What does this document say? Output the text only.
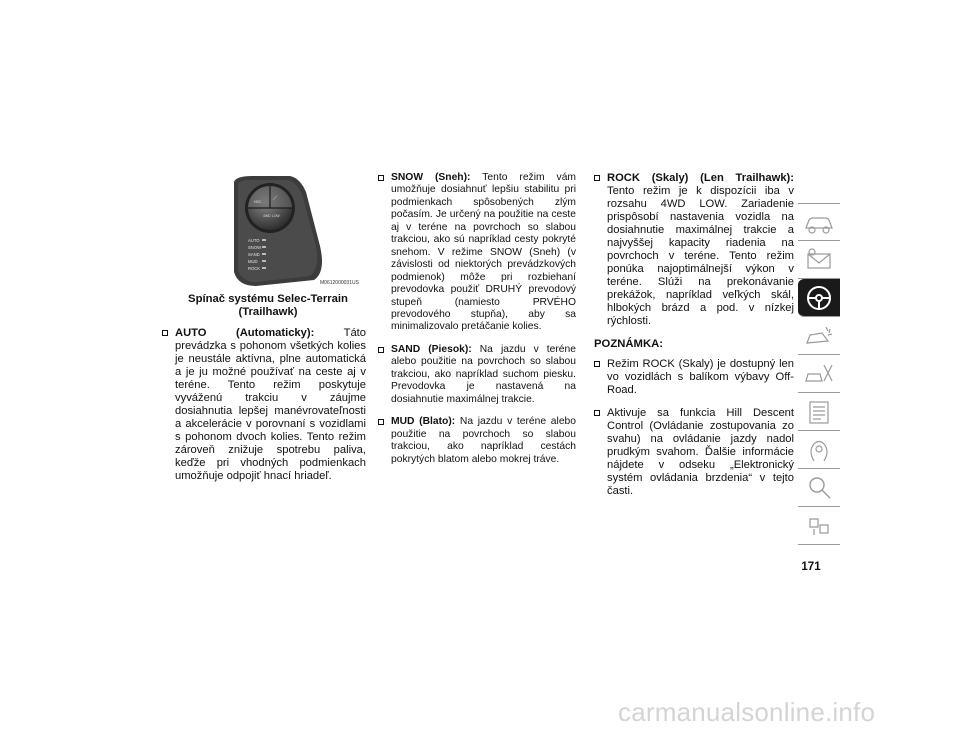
HDC ⟋
4WD LOW
AUTO
SNOW
SAND
MUD
ROCK
M0612000031US
Spínač systému Selec-Terrain (Trailhawk)
AUTO (Automaticky): Táto prevádzka s pohonom všetkých kolies je neustále aktívna, plne automatická a je ju možné používať na ceste aj v teréne. Tento režim poskytuje vyváženú trakciu v záujme dosiahnutia lepšej manévrovateľnosti a akcelerácie v porovnaní s vozidlami s pohonom dvoch kolies. Tento režim zároveň znižuje spotrebu paliva, keďže pri vhodných podmienkach umožňuje odpojiť hnací hriadeľ.
SNOW (Sneh): Tento režim vám umožňuje dosiahnuť lepšiu stabilitu pri podmienkach spôsobených zlým počasím. Je určený na použitie na ceste aj v teréne na povrchoch so slabou trakciou, ako sú napríklad cesty pokryté snehom. V režime SNOW (Sneh) (v závislosti od niektorých prevádzkových podmienok) môže pri rozbiehaní prevodovka použiť DRUHÝ prevodový stupeň (namiesto PRVÉHO prevodového stupňa), aby sa minimalizovalo pretáčanie kolies.
SAND (Piesok): Na jazdu v teréne alebo použitie na povrchoch so slabou trakciou, ako napríklad suchom piesku. Prevodovka je nastavená na dosiahnutie maximálnej trakcie.
MUD (Blato): Na jazdu v teréne alebo použitie na povrchoch so slabou trakciou, ako napríklad cestách pokrytých blatom alebo mokrej tráve.
ROCK (Skaly) (Len Trailhawk): Tento režim je k dispozícii iba v rozsahu 4WD LOW. Zariadenie prispôsobí nastavenia vozidla na dosiahnutie maximálnej trakcie a najvyššej kapacity riadenia na povrchoch v teréne. Tento režim ponúka najoptimálnejší výkon v teréne. Slúži na prekonávanie prekážok, napríklad veľkých skál, hlbokých brázd a pod. v nízkej rýchlosti.
POZNÁMKA:
Režim ROCK (Skaly) je dostupný len vo vozidlách s balíkom výbavy Off-Road.
Aktivuje sa funkcia Hill Descent Control (Ovládanie zostupovania zo svahu) na ovládanie jazdy nadol prudkým svahom. Ďalšie informácie nájdete v odseku „Elektronický systém ovládania brzdenia“ v tejto časti.
171
carmanualsonline.info
